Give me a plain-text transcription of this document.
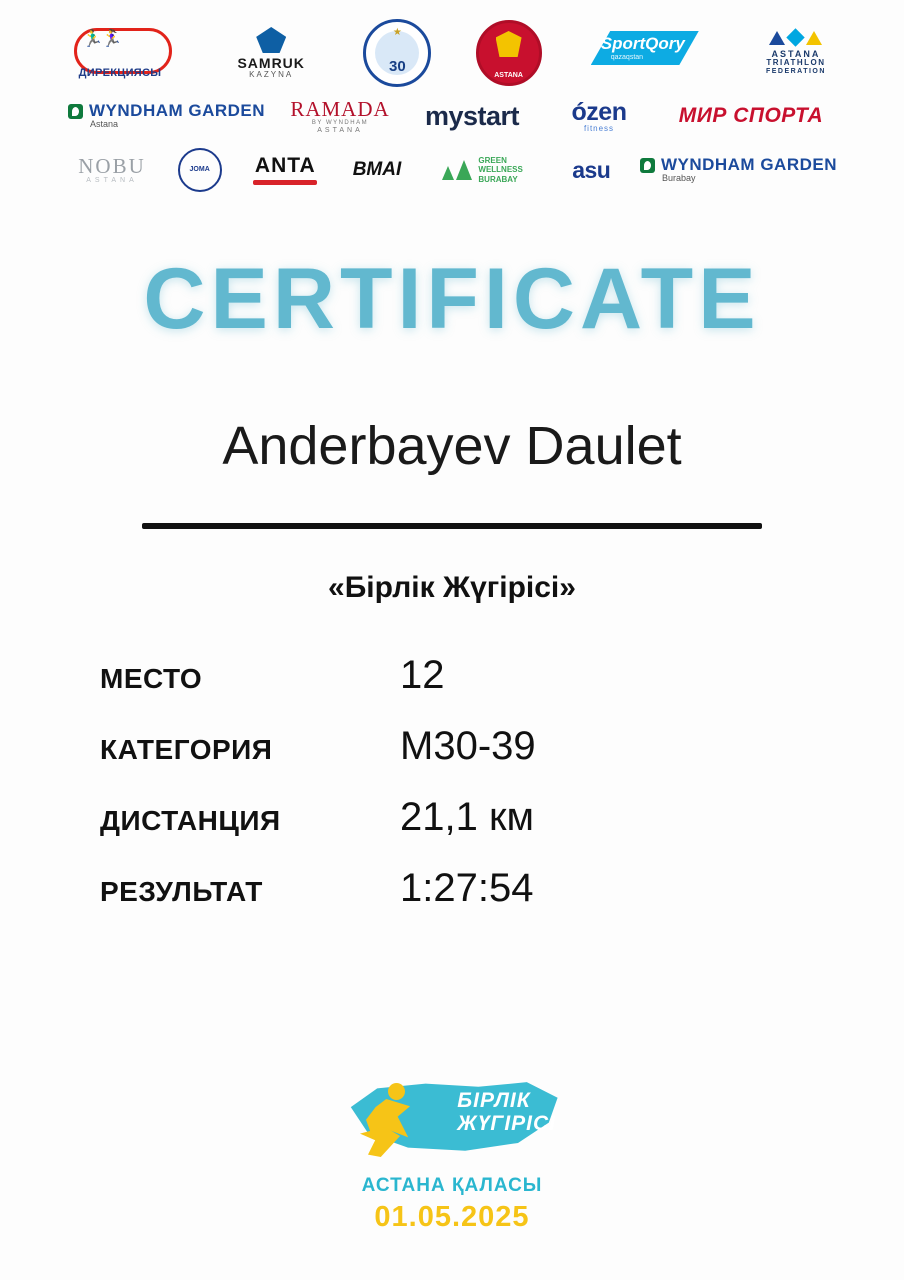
🏃‍♂️🏃‍♀️
ДИРЕКЦИЯСЫ
SAMRUK
KAZYNA
★
30	ASTANA
SportQory
qazaqstan	ASTANA
TRIATHLON
FEDERATION
WYNDHAM GARDEN
Astana
RAMADA
BY WYNDHAM
ASTANA mystart ózen
fitness
МИР СПОРТА
NOBU
ASTANA
JOMA	ANTA BMAI	GREEN
WELLNESS
BURABAY asu	WYNDHAM GARDEN
Burabay
CERTIFICATE
Anderbayev Daulet
«Бірлік Жүгірісі»
МЕСТО	12
КАТЕГОРИЯ	М30-39
ДИСТАНЦИЯ	21,1 км
РЕЗУЛЬТАТ	1:27:54
БІРЛІК
ЖҮГІРІСІ
АСТАНА ҚАЛАСЫ
01.05.2025
